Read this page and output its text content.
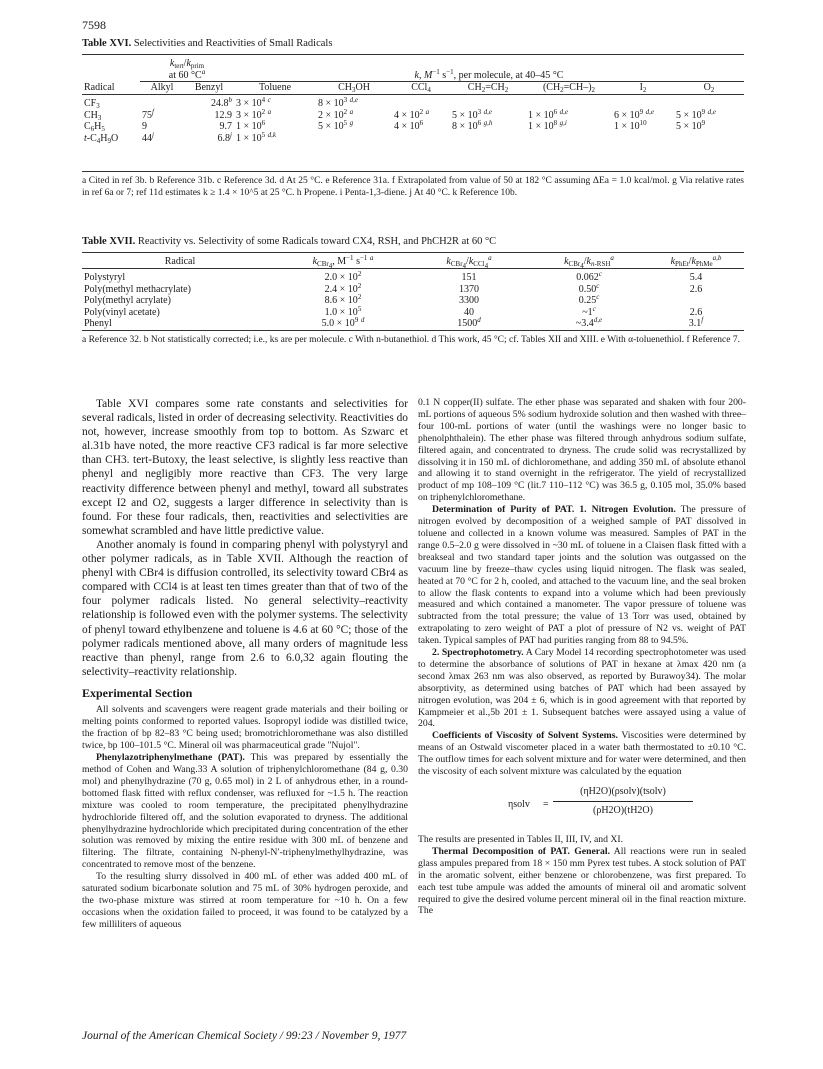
7598
Table XVI. Selectivities and Reactivities of Small Radicals
	$k_{tert}/k_{prim}$	
	at 60 $^\circ C^a$		k, $M^{-1}$ $s^{-1}$, per molecule, at 40–45 °C						
Radical	Alkyl	Benzyl	Toluene	$CH_3OH$	CCl$_4$	$CH_2=CH_2$	$(CH_2=CH-)_2$	$I_2$	$O_2$

$CF_3$		24.8$^b$	$3 \times 10^4$ $^c$	$8 \times 10^3$ $^{d,e}$					
$CH_3$	75$^f$	12.9	$3 \times 10^2$ $^a$	$2 \times 10^2$ $^a$	$4 \times 10^2$ $^a$	$5 \times 10^3$ $^{d,e}$	$1 \times 10^6$ $^{d,e}$	$6 \times 10^9$ $^{d,e}$	$5 \times 10^9$ $^{d,e}$
$C_6H_5$	9	9.7	$1 \times 10^6$	$5 \times 10^5$ $^g$	$4 \times 10^6$	$8 \times 10^6$ $^{g,h}$	$1 \times 10^8$ $^{g,i}$	$1 \times 10^{10}$	$5 \times 10^9$
$t-C_4H_9O$	44$^j$	6.8$^j$	$1 \times 10^5$ $^{d,k}$						
a Cited in ref 3b. b Reference 31b. c Reference 3d. d At 25 °C. e Reference 31a. f Extrapolated from value of 50 at 182 °C assuming ΔEa = 1.0 kcal/mol. g Via relative rates in ref 6a or 7; ref 11d estimates k ≥ 1.4 × 10^5 at 25 °C. h Propene. i Penta-1,3-diene. j At 40 °C. k Reference 10b.
Table XVII. Reactivity vs. Selectivity of some Radicals toward CX4, RSH, and PhCH2R at 60 °C
Radical	$k_{CBr_4}$, $M^{-1}$ $s^{-1}$ $^a$	$k_{CBr_4}/k_{CCl_4}^a$	$k_{CBr_4}/k_{n-RSH}^a$	$k_{PhEt}/k_{PhMe}^{a,b}$

Polystyryl	$2.0 \times 10^2$	151	0.062$^c$	5.4
Poly(methyl methacrylate)	$2.4 \times 10^2$	1370	0.50$^c$	2.6
Poly(methyl acrylate)	$8.6 \times 10^2$	3300	0.25$^c$	
Poly(vinyl acetate)	$1.0 \times 10^5$	40	~1$^c$	2.6
Phenyl	$5.0 \times 10^9$ $^d$	1500$^d$	~3.4$^{d,e}$	3.1$^f$
a Reference 32. b Not statistically corrected; i.e., ks are per molecule. c With n-butanethiol. d This work, 45 °C; cf. Tables XII and XIII. e With α-toluenethiol. f Reference 7.

Table XVI compares some rate constants and selectivities for several radicals, listed in order of decreasing selectivity. Reactivities do not, however, increase smoothly from top to bottom. As Szwarc et al.31b have noted, the more reactive CF3 radical is far more selective than CH3. tert-Butoxy, the least selective, is slightly less reactive than phenyl and negligibly more reactive than CF3. The very large reactivity difference between phenyl and methyl, toward all substrates except I2 and O2, suggests a larger difference in selectivity than is found. For these four radicals, then, reactivities and selectivities are somewhat scrambled and have little predictive value.

Another anomaly is found in comparing phenyl with polystyryl and other polymer radicals, as in Table XVII. Although the reaction of phenyl with CBr4 is diffusion controlled, its selectivity toward CBr4 as compared with CCl4 is at least ten times greater than that of two of the four polymer radicals listed. No general selectivity–reactivity relationship is followed even with the polymer systems. The selectivity of phenyl toward ethylbenzene and toluene is 4.6 at 60 °C; those of the polymer radicals mentioned above, all many orders of magnitude less reactive than phenyl, range from 2.6 to 6.0,32 again flouting the selectivity–reactivity relationship.

Experimental Section

All solvents and scavengers were reagent grade materials and their boiling or melting points conformed to reported values. Isopropyl iodide was distilled twice, the fraction of bp 82–83 °C being used; bromotrichloromethane was also distilled twice, bp 100–101.5 °C. Mineral oil was pharmaceutical grade "Nujol".

Phenylazotriphenylmethane (PAT). This was prepared by essentially the method of Cohen and Wang.33 A solution of triphenylchloromethane (84 g, 0.30 mol) and phenylhydrazine (70 g, 0.65 mol) in 2 L of anhydrous ether, in a round-bottomed flask fitted with reflux condenser, was refluxed for ~1.5 h. The reaction mixture was cooled to room temperature, the precipitated phenylhydrazine hydrochloride filtered off, and the solution evaporated to dryness. The additional phenylhydrazine hydrochloride which precipitated during concentration of the ether solution was removed by mixing the entire residue with 300 mL of benzene and filtering. The filtrate, containing N-phenyl-N′-triphenylmethylhydrazine, was concentrated to remove most of the benzene.

To the resulting slurry dissolved in 400 mL of ether was added 400 mL of saturated sodium bicarbonate solution and 75 mL of 30% hydrogen peroxide, and the two-phase mixture was stirred at room temperature for ~10 h. On a few occasions when the oxidation failed to proceed, it was found to be catalyzed by a few milliliters of aqueous

0.1 N copper(II) sulfate. The ether phase was separated and shaken with four 200-mL portions of aqueous 5% sodium hydroxide solution and then washed with three–four 100-mL portions of water (until the washings were no longer basic to phenolphthalein). The ether phase was filtered through anhydrous sodium sulfate, filtered again, and concentrated to dryness. The crude solid was recrystallized by dissolving it in 150 mL of dichloromethane, and adding 350 mL of absolute ethanol and allowing it to stand overnight in the refrigerator. The yield of recrystallized product of mp 108–109 °C (lit.7 110–112 °C) was 36.5 g, 0.105 mol, 35.0% based on triphenylchloromethane.

Determination of Purity of PAT. 1. Nitrogen Evolution. The pressure of nitrogen evolved by decomposition of a weighed sample of PAT dissolved in toluene and collected in a known volume was measured. Samples of PAT in the range 0.5–2.0 g were dissolved in ~30 mL of toluene in a Claisen flask fitted with a breakseal and two standard taper joints and the solution was outgassed on the vacuum line by freeze–thaw cycles using liquid nitrogen. The flask was sealed, heated at 70 °C for 2 h, cooled, and attached to the vacuum line, and the seal broken to allow the flask contents to expand into a volume which had been previously measured and which contained a manometer. The vapor pressure of toluene was subtracted from the total pressure; the value of 13 Torr was used, obtained by extrapolating to zero weight of PAT a plot of pressure of N2 vs. weight of PAT taken. Typical samples of PAT had purities ranging from 88 to 94.5%.

2. Spectrophotometry. A Cary Model 14 recording spectrophotometer was used to determine the absorbance of solutions of PAT in hexane at λmax 420 nm (a second λmax 263 nm was also observed, as reported by Burawoy34). The molar absorptivity, as determined using batches of PAT which had been assayed by nitrogen evolution, was 204 ± 6, which is in good agreement with that reported by Kampmeier et al.,5b 201 ± 1. Subsequent batches were assayed using a value of 204.

Coefficients of Viscosity of Solvent Systems. Viscosities were determined by means of an Ostwald viscometer placed in a water bath thermostated to ±0.10 °C. The outflow times for each solvent mixture and for water were determined, and then the viscosity of each solvent mixture was calculated by the equation

ηsolv =
(ηH2O)(ρsolv)(tsolv)
(ρH2O)(tH2O)

The results are presented in Tables II, III, IV, and XI.

Thermal Decomposition of PAT. General. All reactions were run in sealed glass ampules prepared from 18 × 150 mm Pyrex test tubes. A stock solution of PAT in the aromatic solvent, either benzene or chlorobenzene, was first prepared. To each test tube ampule was added the amounts of mineral oil and aromatic solvent required to give the desired volume percent mineral oil in the final reaction mixture. The

Journal of the American Chemical Society / 99:23 / November 9, 1977
